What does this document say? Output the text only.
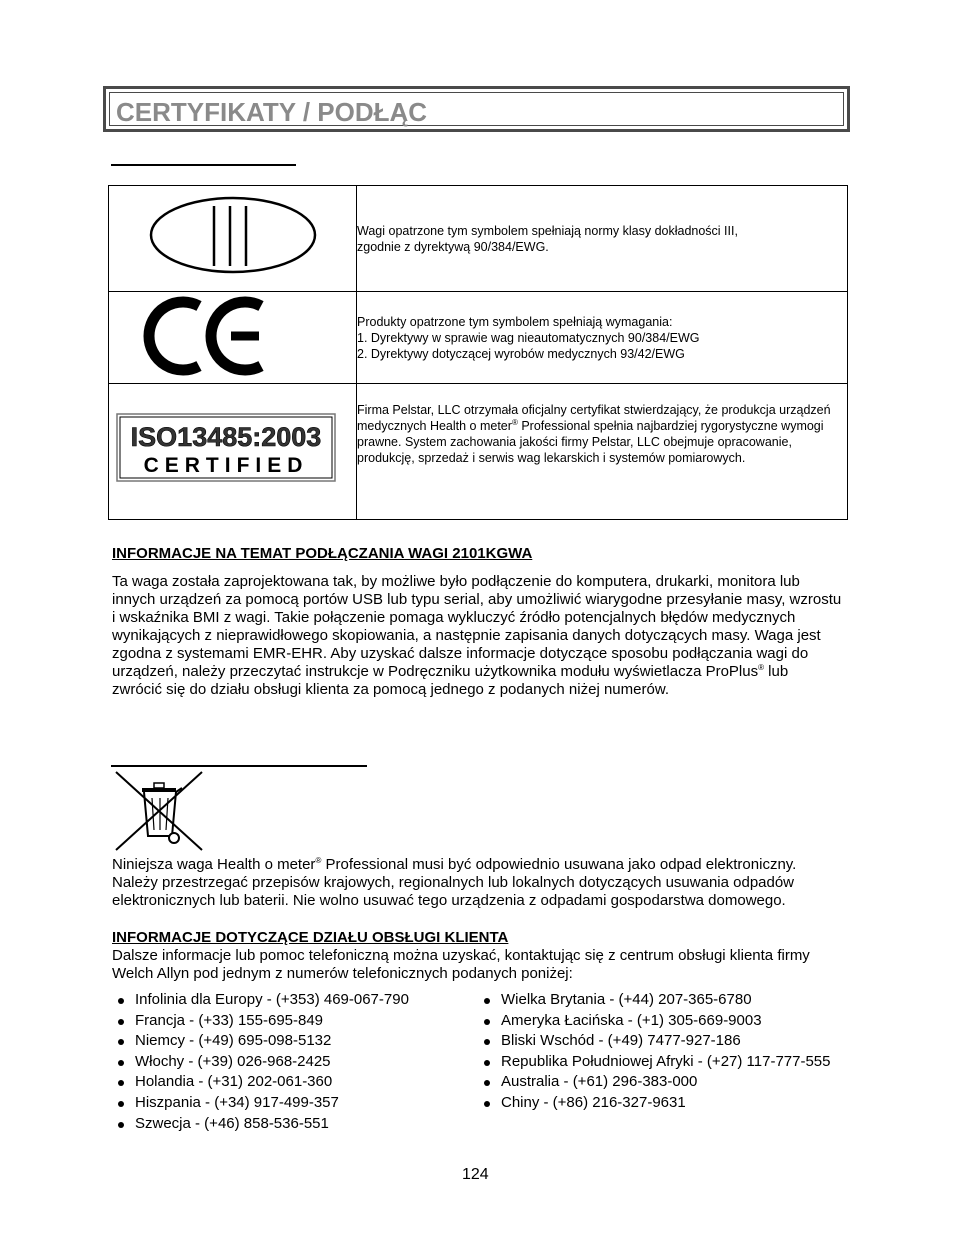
CERTYFIKATY / PODŁĄC

Wagi opatrzone tym symbolem spełniają normy klasy dokładności III,
zgodnie z dyrektywą 90/384/EWG.

Produkty opatrzone tym symbolem spełniają wymagania:
1. Dyrektywy w sprawie wag nieautomatycznych 90/384/EWG
2. Dyrektywy dotyczącej wyrobów medycznych 93/42/EWG

ISO13485:2003
CERTIFIED	Firma Pelstar, LLC otrzymała oficjalny certyfikat stwierdzający, że produkcja urządzeń medycznych Health o meter® Professional spełnia najbardziej rygorystyczne wymogi prawne. System zachowania jakości firmy Pelstar, LLC obejmuje opracowanie, produkcję, sprzedaż i serwis wag lekarskich i systemów pomiarowych.
INFORMACJE NA TEMAT PODŁĄCZANIA WAGI 2101KGWA
Ta waga została zaprojektowana tak, by możliwe było podłączenie do komputera, drukarki, monitora lub innych urządzeń za pomocą portów USB lub typu serial, aby umożliwić wiarygodne przesyłanie masy, wzrostu i wskaźnika BMI z wagi. Takie połączenie pomaga wykluczyć źródło potencjalnych błędów medycznych wynikających z nieprawidłowego skopiowania, a następnie zapisania danych dotyczących masy. Waga jest zgodna z systemami EMR-EHR. Aby uzyskać dalsze informacje dotyczące sposobu podłączania wagi do urządzeń, należy przeczytać instrukcje w Podręczniku użytkownika modułu wyświetlacza ProPlus® lub zwrócić się do działu obsługi klienta za pomocą jednego z podanych niżej numerów.
Niniejsza waga Health o meter® Professional musi być odpowiednio usuwana jako odpad elektroniczny. Należy przestrzegać przepisów krajowych, regionalnych lub lokalnych dotyczących usuwania odpadów elektronicznych lub baterii. Nie wolno usuwać tego urządzenia z odpadami gospodarstwa domowego.
INFORMACJE DOTYCZĄCE DZIAŁU OBSŁUGI KLIENTA
Dalsze informacje lub pomoc telefoniczną można uzyskać, kontaktując się z centrum obsługi klienta firmy Welch Allyn pod jednym z numerów telefonicznych podanych poniżej:
Infolinia dla Europy - (+353) 469-067-790
Francja - (+33) 155-695-849
Niemcy - (+49) 695-098-5132
Włochy - (+39) 026-968-2425
Holandia - (+31) 202-061-360
Hiszpania - (+34) 917-499-357
Szwecja - (+46) 858-536-551
Wielka Brytania - (+44) 207-365-6780
Ameryka Łacińska - (+1) 305-669-9003
Bliski Wschód - (+49) 7477-927-186
Republika Południowej Afryki - (+27) 117-777-555
Australia - (+61) 296-383-000
Chiny - (+86) 216-327-9631
124
